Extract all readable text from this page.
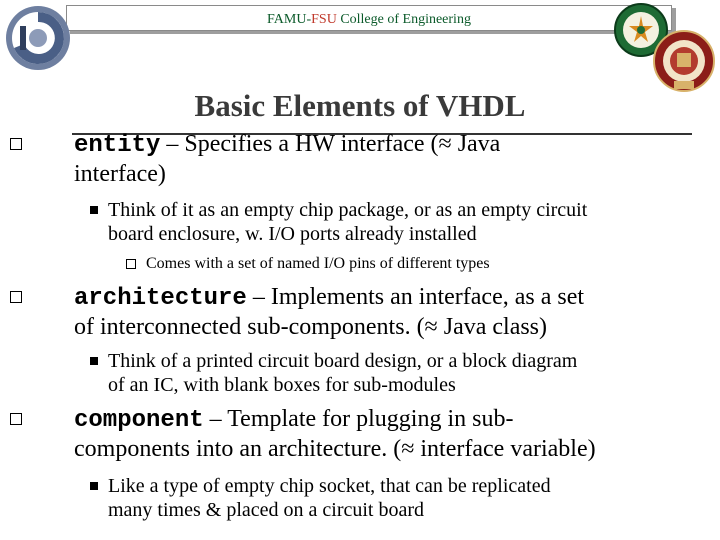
FAMU-FSU College of Engineering
Basic Elements of VHDL
entity – Specifies a HW interface (≈ Java
interface)
Think of it as an empty chip package, or as an empty circuit
board enclosure, w. I/O ports already installed
Comes with a set of named I/O pins of different types
architecture – Implements an interface, as a set
of interconnected sub-components. (≈ Java class)
Think of a printed circuit board design, or a block diagram
of an IC, with blank boxes for sub-modules
component – Template for plugging in sub-
components into an architecture. (≈ interface variable)
Like a type of empty chip socket, that can be replicated
many times & placed on a circuit board
